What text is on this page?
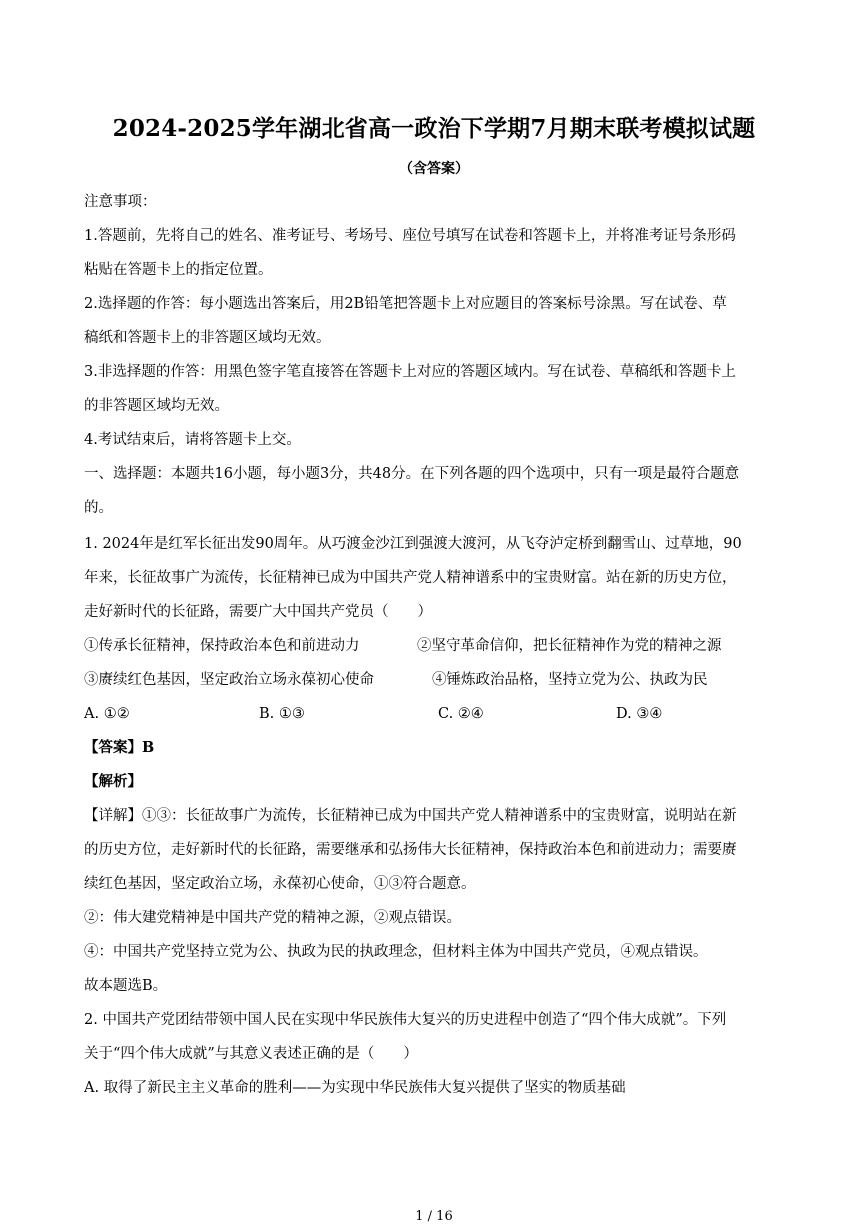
2024-2025学年湖北省高一政治下学期7月期末联考模拟试题
（含答案）
注意事项：
1.答题前，先将自己的姓名、准考证号、考场号、座位号填写在试卷和答题卡上，并将准考证号条形码
粘贴在答题卡上的指定位置。
2.选择题的作答：每小题选出答案后，用2B铅笔把答题卡上对应题目的答案标号涂黑。写在试卷、草
稿纸和答题卡上的非答题区域均无效。
3.非选择题的作答：用黑色签字笔直接答在答题卡上对应的答题区域内。写在试卷、草稿纸和答题卡上
的非答题区域均无效。
4.考试结束后，请将答题卡上交。
一、选择题：本题共16小题，每小题3分，共48分。在下列各题的四个选项中，只有一项是最符合题意
的。
1. 2024年是红军长征出发90周年。从巧渡金沙江到强渡大渡河，从飞夺泸定桥到翻雪山、过草地，90
年来，长征故事广为流传，长征精神已成为中国共产党人精神谱系中的宝贵财富。站在新的历史方位，
走好新时代的长征路，需要广大中国共产党员（　　）
①传承长征精神，保持政治本色和前进动力	②坚守革命信仰，把长征精神作为党的精神之源
③赓续红色基因，坚定政治立场永葆初心使命	④锤炼政治品格，坚持立党为公、执政为民
A. ①②	B. ①③	C. ②④	D. ③④
【答案】B
【解析】
【详解】①③：长征故事广为流传，长征精神已成为中国共产党人精神谱系中的宝贵财富，说明站在新
的历史方位，走好新时代的长征路，需要继承和弘扬伟大长征精神，保持政治本色和前进动力；需要赓
续红色基因，坚定政治立场，永葆初心使命，①③符合题意。
②：伟大建党精神是中国共产党的精神之源，②观点错误。
④：中国共产党坚持立党为公、执政为民的执政理念，但材料主体为中国共产党员，④观点错误。
故本题选B。
2. 中国共产党团结带领中国人民在实现中华民族伟大复兴的历史进程中创造了“四个伟大成就”。下列
关于“四个伟大成就”与其意义表述正确的是（　　）
A. 取得了新民主主义革命的胜利——为实现中华民族伟大复兴提供了坚实的物质基础
1 / 16
